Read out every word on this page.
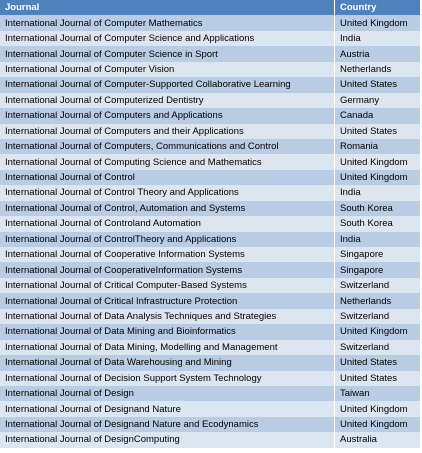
Journal	Country
International Journal of Computer Mathematics	United Kingdom
International Journal of Computer Science and Applications	India
International Journal of Computer Science in Sport	Austria
International Journal of Computer Vision	Netherlands
International Journal of Computer-Supported Collaborative Learning	United States
International Journal of Computerized Dentistry	Germany
International Journal of Computers and Applications	Canada
International Journal of Computers and their Applications	United States
International Journal of Computers, Communications and Control	Romania
International Journal of Computing Science and Mathematics	United Kingdom
International Journal of Control	United Kingdom
International Journal of Control Theory and Applications	India
International Journal of Control, Automation and Systems	South Korea
International Journal of Controland Automation	South Korea
International Journal of ControlTheory and Applications	India
International Journal of Cooperative Information Systems	Singapore
International Journal of CooperativeInformation Systems	Singapore
International Journal of Critical Computer-Based Systems	Switzerland
International Journal of Critical Infrastructure Protection	Netherlands
International Journal of Data Analysis Techniques and Strategies	Switzerland
International Journal of Data Mining and Bioinformatics	United Kingdom
International Journal of Data Mining, Modelling and Management	Switzerland
International Journal of Data Warehousing and Mining	United States
International Journal of Decision Support System Technology	United States
International Journal of Design	Taiwan
International Journal of Designand Nature	United Kingdom
International Journal of Designand Nature and Ecodynamics	United Kingdom
International Journal of DesignComputing	Australia
